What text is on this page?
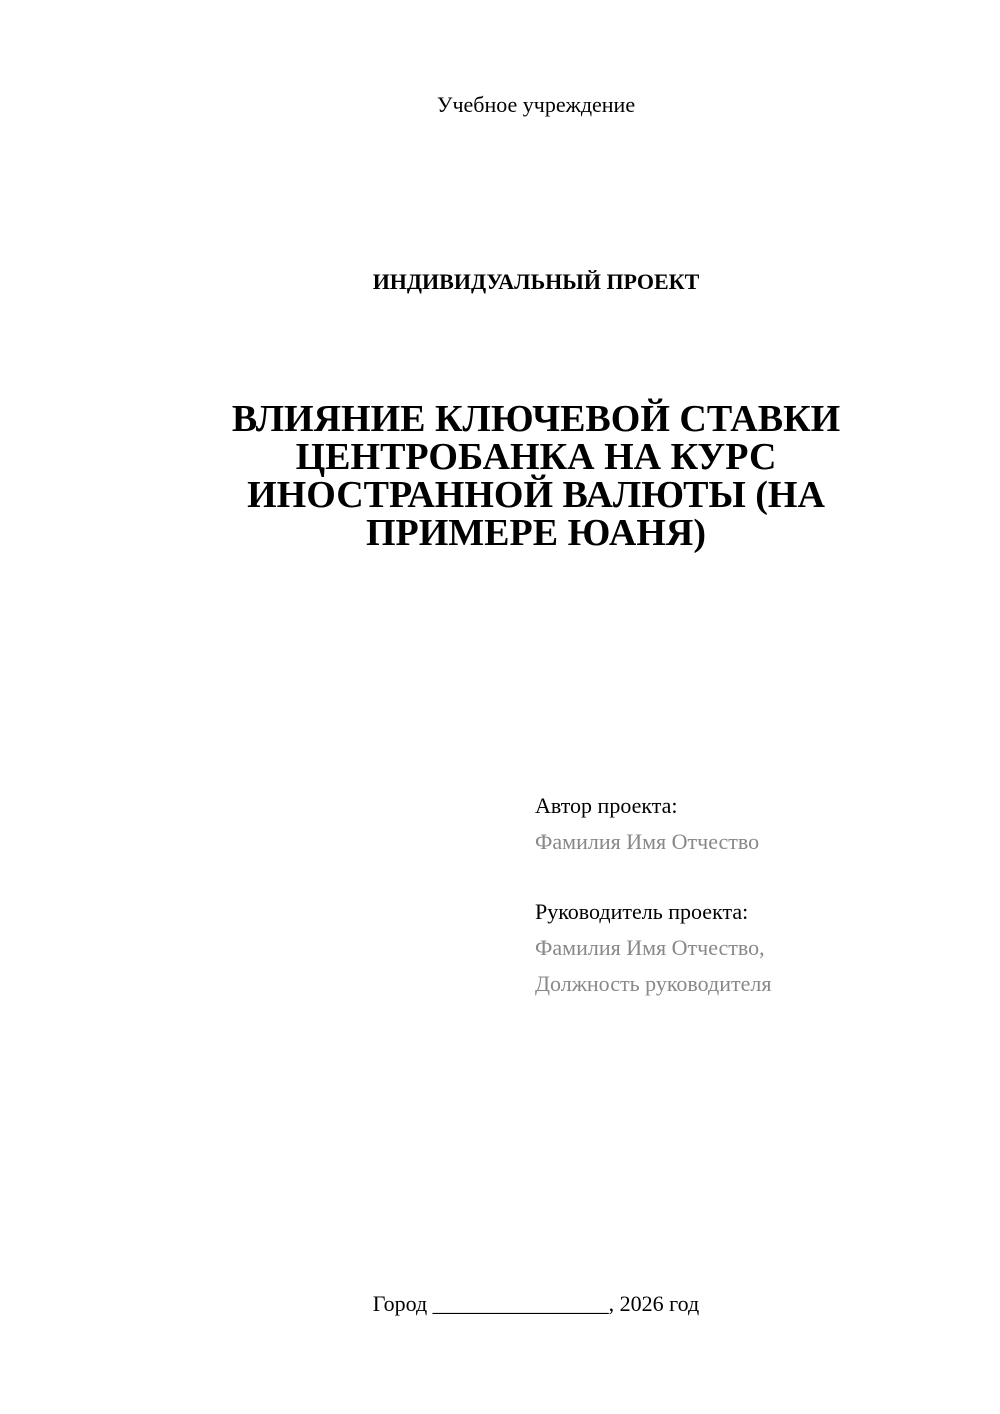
Учебное учреждение
ИНДИВИДУАЛЬНЫЙ ПРОЕКТ
ВЛИЯНИЕ КЛЮЧЕВОЙ СТАВКИ
ЦЕНТРОБАНКА НА КУРС
ИНОСТРАННОЙ ВАЛЮТЫ (НА
ПРИМЕРЕ ЮАНЯ)
Автор проекта:
Фамилия Имя Отчество
Руководитель проекта:
Фамилия Имя Отчество,
Должность руководителя
Город ________________, 2026 год
